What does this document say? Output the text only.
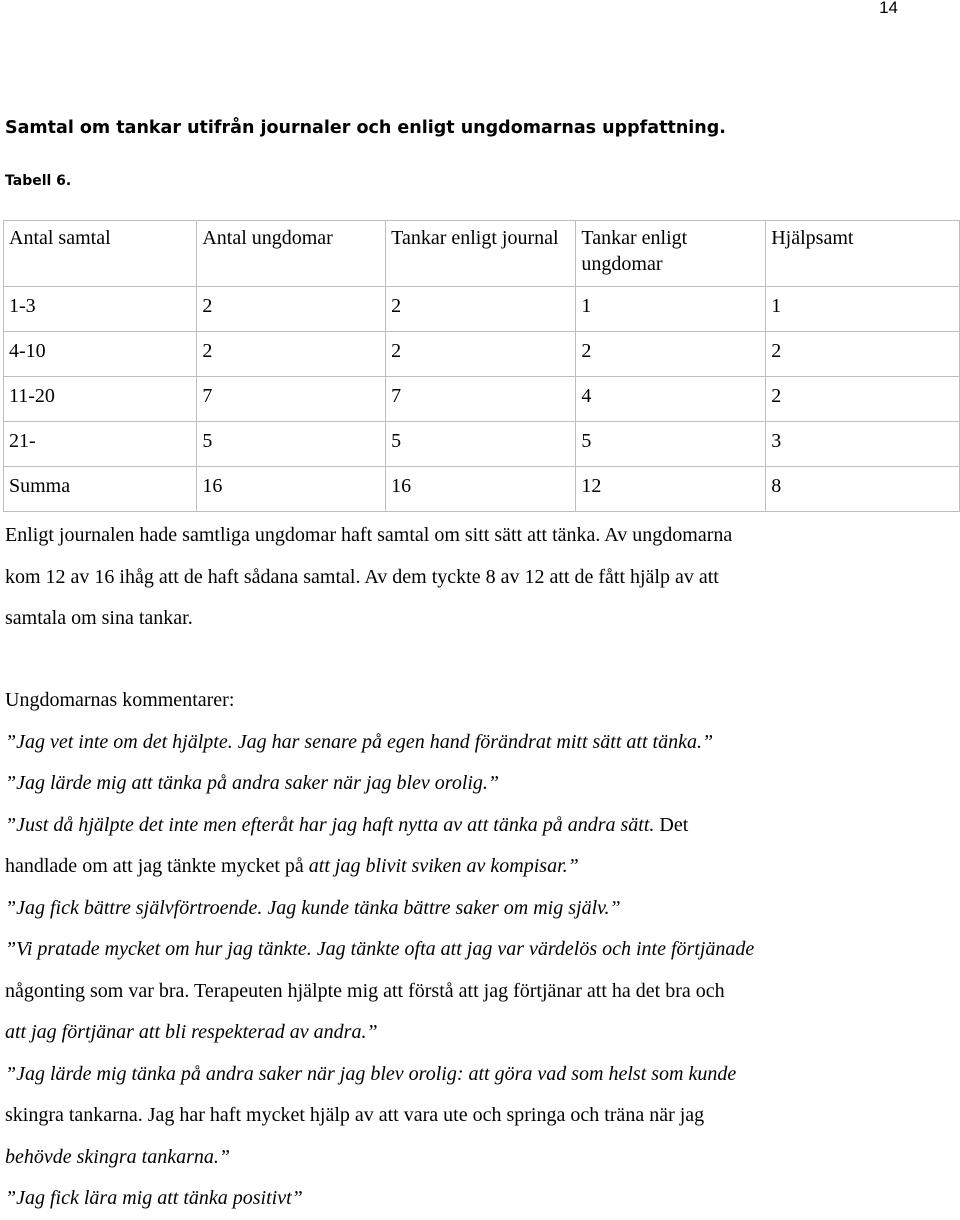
14
Samtal om tankar utifrån journaler och enligt ungdomarnas uppfattning.
Tabell 6.
Antal samtal	Antal ungdomar	Tankar enligt journal	Tankar enligt ungdomar	Hjälpsamt
1-3	2	2	1	1
4-10	2	2	2	2
11-20	7	7	4	2
21-	5	5	5	3
Summa	16	16	12	8
Enligt journalen hade samtliga ungdomar haft samtal om sitt sätt att tänka. Av ungdomarna
kom 12 av 16 ihåg att de haft sådana samtal. Av dem tyckte 8 av 12 att de fått hjälp av att
samtala om sina tankar.
Ungdomarnas kommentarer:
”Jag vet inte om det hjälpte. Jag har senare på egen hand förändrat mitt sätt att tänka.”
”Jag lärde mig att tänka på andra saker när jag blev orolig.”
”Just då hjälpte det inte men efteråt har jag haft nytta av att tänka på andra sätt. Det
handlade om att jag tänkte mycket på att jag blivit sviken av kompisar.”
”Jag fick bättre självförtroende. Jag kunde tänka bättre saker om mig själv.”
”Vi pratade mycket om hur jag tänkte. Jag tänkte ofta att jag var värdelös och inte förtjänade
någonting som var bra. Terapeuten hjälpte mig att förstå att jag förtjänar att ha det bra och
att jag förtjänar att bli respekterad av andra.”
”Jag lärde mig tänka på andra saker när jag blev orolig: att göra vad som helst som kunde
skingra tankarna. Jag har haft mycket hjälp av att vara ute och springa och träna när jag
behövde skingra tankarna.”
”Jag fick lära mig att tänka positivt”
